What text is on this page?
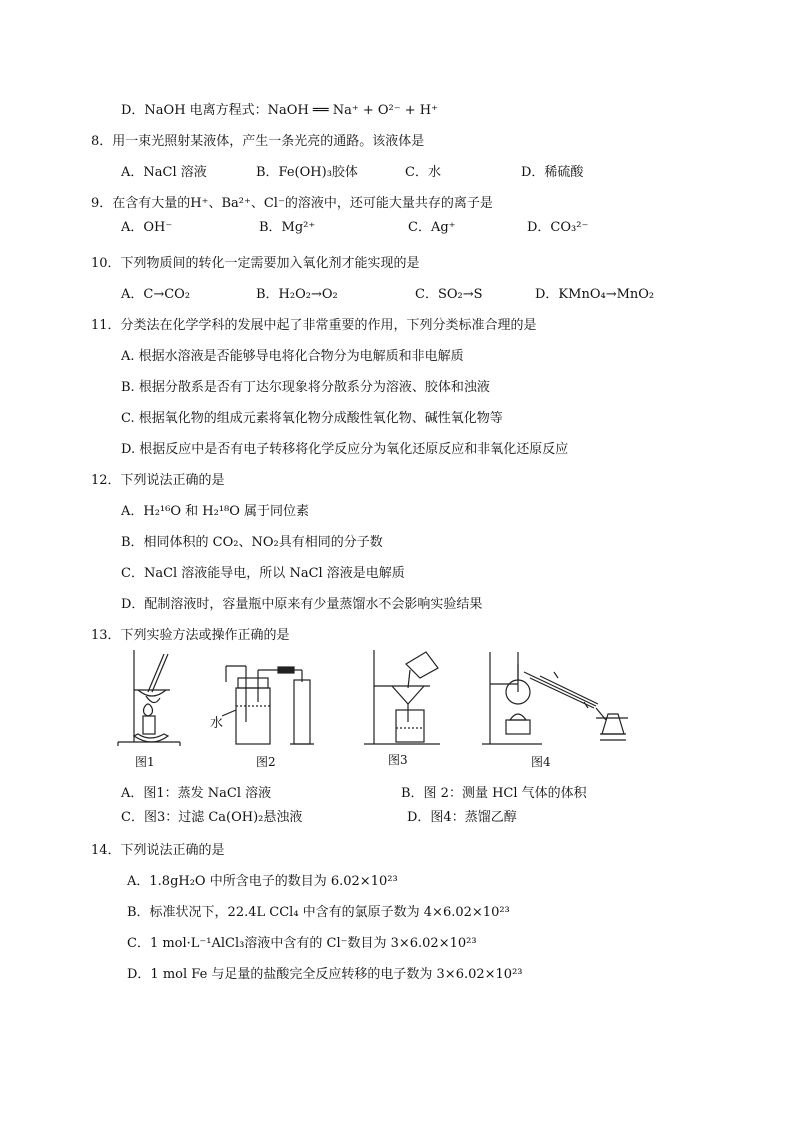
D．NaOH 电离方程式：NaOH ══ Na⁺ + O²⁻ + H⁺
8．用一束光照射某液体，产生一条光亮的通路。该液体是
A．NaCl 溶液	B．Fe(OH)₃胶体	C．水	D．稀硫酸
9．在含有大量的H⁺、Ba²⁺、Cl⁻的溶液中，还可能大量共存的离子是
A．OH⁻	B．Mg²⁺	C．Ag⁺	D．CO₃²⁻
10．下列物质间的转化一定需要加入氧化剂才能实现的是
A．C→CO₂	B．H₂O₂→O₂	C．SO₂→S	D．KMnO₄→MnO₂
11．分类法在化学学科的发展中起了非常重要的作用，下列分类标准合理的是
A. 根据水溶液是否能够导电将化合物分为电解质和非电解质
B. 根据分散系是否有丁达尔现象将分散系分为溶液、胶体和浊液
C. 根据氧化物的组成元素将氧化物分成酸性氧化物、碱性氧化物等
D. 根据反应中是否有电子转移将化学反应分为氧化还原反应和非氧化还原反应
12．下列说法正确的是
A．H₂¹⁶O 和 H₂¹⁸O 属于同位素
B．相同体积的 CO₂、NO₂具有相同的分子数
C．NaCl 溶液能导电，所以 NaCl 溶液是电解质
D．配制溶液时，容量瓶中原来有少量蒸馏水不会影响实验结果
13．下列实验方法或操作正确的是
图1
水
图2	图3	图4
A．图1：蒸发 NaCl 溶液	B．图 2：测量 HCl 气体的体积
C．图3：过滤 Ca(OH)₂悬浊液	D．图4：蒸馏乙醇
14．下列说法正确的是
A．1.8gH₂O 中所含电子的数目为 6.02×10²³
B．标准状况下，22.4L CCl₄ 中含有的氯原子数为 4×6.02×10²³
C．1 mol·L⁻¹AlCl₃溶液中含有的 Cl⁻数目为 3×6.02×10²³
D．1 mol Fe 与足量的盐酸完全反应转移的电子数为 3×6.02×10²³
